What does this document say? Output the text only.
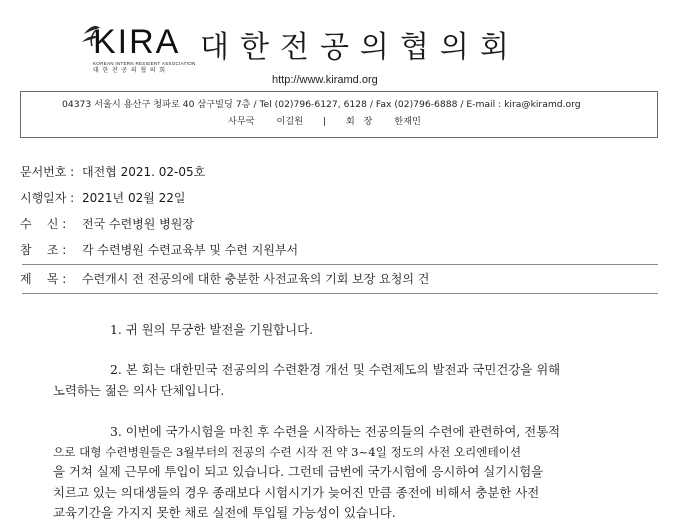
KIRA
KOREAN INTERN RESIDENT ASSOCIATION
대 한 전 공 의 협 의 회
대한전공의협의회
http://www.kiramd.org
04373 서울시 용산구 청파로 40 삼구빌딩 7층 / Tel (02)796-6127, 6128 / Fax (02)796-6888 / E-mail : kira@kiramd.org
사무국 이길원 | 회   장 한재민
문서번호 : 대전협 2021. 02-05호
시행일자 : 2021년 02월 22일
수    신 : 전국 수련병원 병원장
참    조 : 각 수련병원 수련교육부 및 수련 지원부서
제    목 : 수련개시 전 전공의에 대한 충분한 사전교육의 기회 보장 요청의 건
1. 귀 원의 무궁한 발전을 기원합니다.
2. 본 회는 대한민국 전공의의 수련환경 개선 및 수련제도의 발전과 국민건강을 위해
노력하는 젊은 의사 단체입니다.
3. 이번에 국가시험을 마친 후 수련을 시작하는 전공의들의 수련에 관련하여, 전통적
으로 대형 수련병원들은 3월부터의 전공의 수련 시작 전 약 3~4일 정도의 사전 오리엔테이션
을 거쳐 실제 근무에 투입이 되고 있습니다. 그런데 금번에 국가시험에 응시하여 실기시험을
치르고 있는 의대생들의 경우 종래보다 시험시기가 늦어진 만큼 종전에 비해서 충분한 사전
교육기간을 가지지 못한 채로 실전에 투입될 가능성이 있습니다.
